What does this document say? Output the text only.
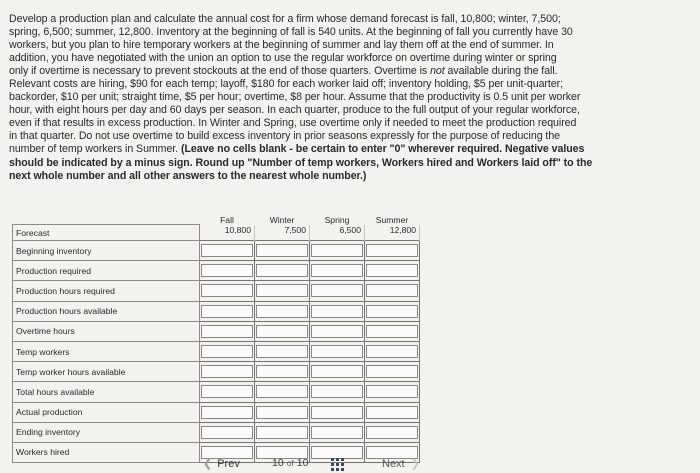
Develop a production plan and calculate the annual cost for a firm whose demand forecast is fall, 10,800; winter, 7,500;
spring, 6,500; summer, 12,800. Inventory at the beginning of fall is 540 units. At the beginning of fall you currently have 30
workers, but you plan to hire temporary workers at the beginning of summer and lay them off at the end of summer. In
addition, you have negotiated with the union an option to use the regular workforce on overtime during winter or spring
only if overtime is necessary to prevent stockouts at the end of those quarters. Overtime is not available during the fall.
Relevant costs are hiring, $90 for each temp; layoff, $180 for each worker laid off; inventory holding, $5 per unit-quarter;
backorder, $10 per unit; straight time, $5 per hour; overtime, $8 per hour. Assume that the productivity is 0.5 unit per worker
hour, with eight hours per day and 60 days per season. In each quarter, produce to the full output of your regular workforce,
even if that results in excess production. In Winter and Spring, use overtime only if needed to meet the production required
in that quarter. Do not use overtime to build excess inventory in prior seasons expressly for the purpose of reducing the
number of temp workers in Summer. (Leave no cells blank - be certain to enter "0" wherever required. Negative values
should be indicated by a minus sign. Round up "Number of temp workers, Workers hired and Workers laid off" to the
next whole number and all other answers to the nearest whole number.)
	Fall	Winter	Spring	Summer
Forecast	10,800	7,500	6,500	12,800
Beginning inventory	

Production required	

Production hours required	

Production hours available	

Overtime hours	

Temp workers	

Temp worker hours available	

Total hours available	

Actual production	

Ending inventory	

Workers hired	

❮ Prev	10 of 10	Next ❯
